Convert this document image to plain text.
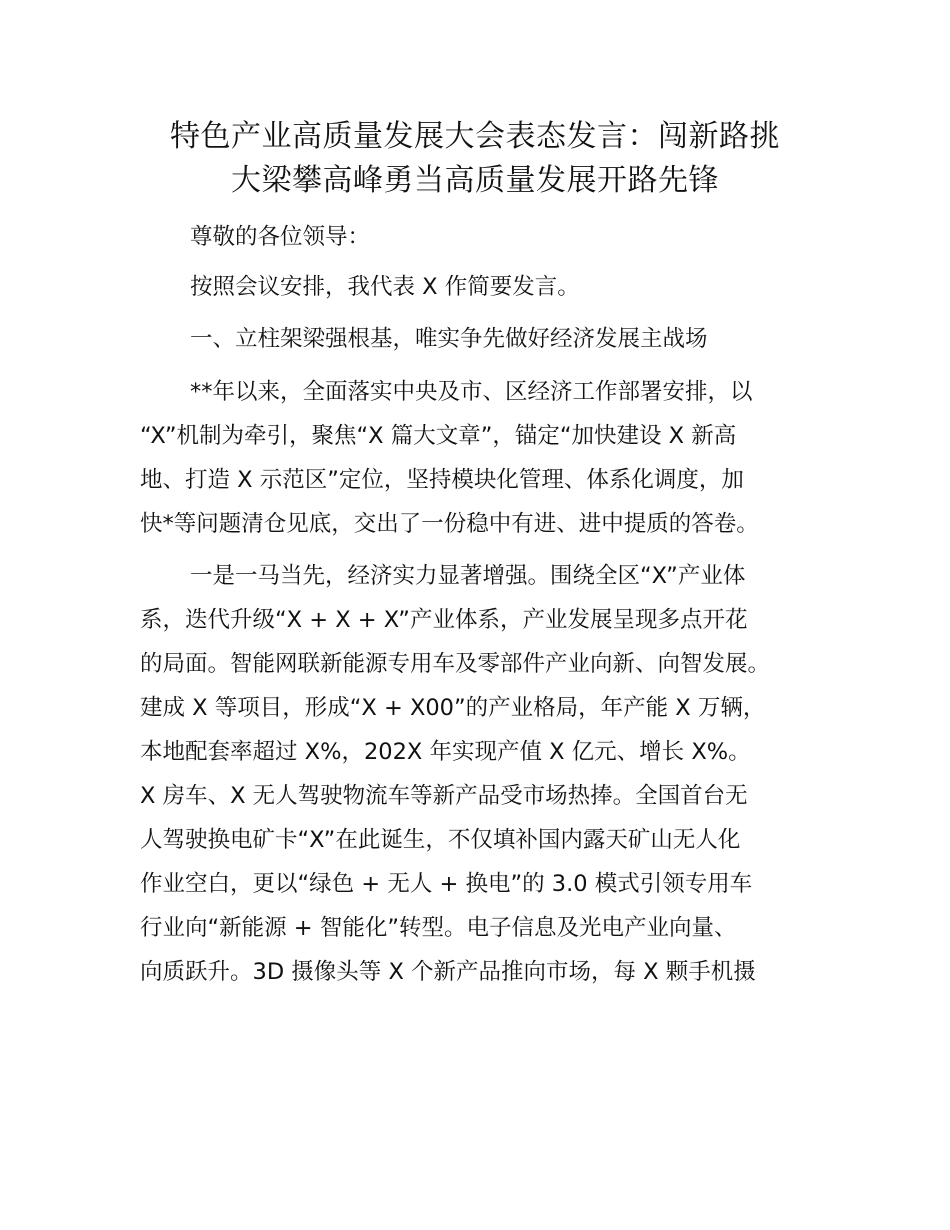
特色产业高质量发展大会表态发言：闯新路挑
大梁攀高峰勇当高质量发展开路先锋

尊敬的各位领导：

按照会议安排，我代表 X 作简要发言。

一、立柱架梁强根基，唯实争先做好经济发展主战场

**年以来，全面落实中央及市、区经济工作部署安排，以

“X”机制为牵引，聚焦“X 篇大文章”，锚定“加快建设 X 新高

地、打造 X 示范区”定位，坚持模块化管理、体系化调度，加

快*等问题清仓见底，交出了一份稳中有进、进中提质的答卷。

一是一马当先，经济实力显著增强。围绕全区“X”产业体

系，迭代升级“X + X + X”产业体系，产业发展呈现多点开花

的局面。智能网联新能源专用车及零部件产业向新、向智发展。

建成 X 等项目，形成“X + X00”的产业格局，年产能 X 万辆，

本地配套率超过 X%，202X 年实现产值 X 亿元、增长 X%。

X 房车、X 无人驾驶物流车等新产品受市场热捧。全国首台无

人驾驶换电矿卡“X”在此诞生，不仅填补国内露天矿山无人化

作业空白，更以“绿色 + 无人 + 换电”的 3.0 模式引领专用车

行业向“新能源 + 智能化”转型。电子信息及光电产业向量、

向质跃升。3D 摄像头等 X 个新产品推向市场，每 X 颗手机摄
